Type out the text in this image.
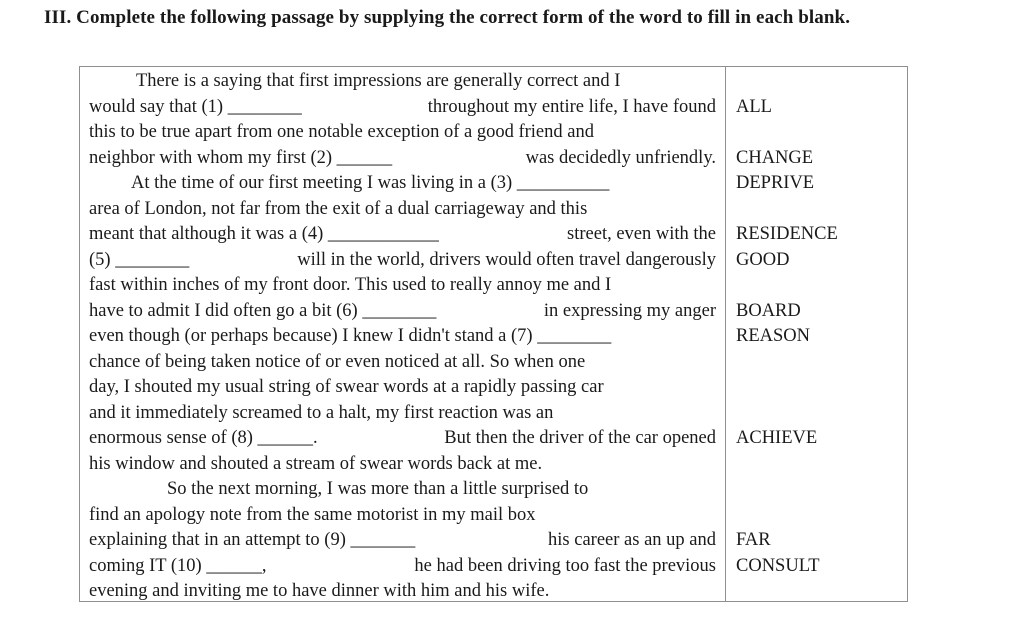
III. Complete the following passage by supplying the correct form of the word to fill in each blank.
There is a saying that first impressions are generally correct and I
would say that (1) ________	throughout my entire life, I have found
this to be true apart from one notable exception of a good friend and
neighbor with whom my first (2) ______	was decidedly unfriendly.
At the time of our first meeting I was living in a (3) __________
area of London, not far from the exit of a dual carriageway and this
meant that although it was a (4) ____________	street, even with the
(5) ________	will in the world, drivers would often travel dangerously
fast within inches of my front door. This used to really annoy me and I
have to admit I did often go a bit (6) ________	in expressing my anger
even though (or perhaps because) I knew I didn't stand a (7) ________
chance of being taken notice of or even noticed at all. So when one
day, I shouted my usual string of swear words at a rapidly passing car
and it immediately screamed to a halt, my first reaction was an
enormous sense of (8) ______.	But then the driver of the car opened
his window and shouted a stream of swear words back at me.
So the next morning, I was more than a little surprised to
find an apology note from the same motorist in my mail box
explaining that in an attempt to (9) _______	his career as an up and
coming IT (10) ______,	he had been driving too fast the previous
evening and inviting me to have dinner with him and his wife.
ALL
CHANGE
DEPRIVE
RESIDENCE
GOOD
BOARD
REASON
ACHIEVE
FAR
CONSULT
